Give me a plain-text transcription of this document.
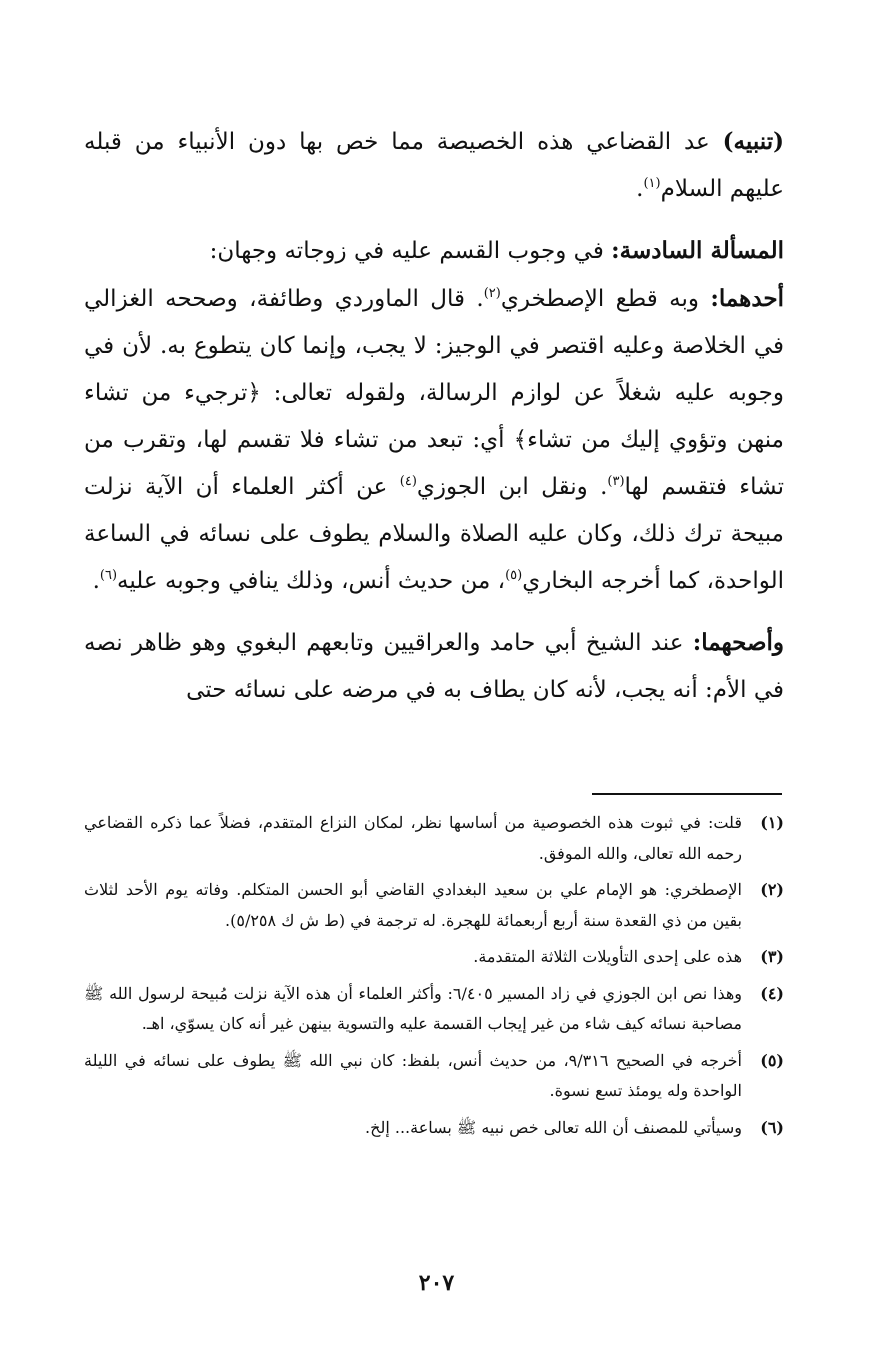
(تنبيه) عد القضاعي هذه الخصيصة مما خص بها دون الأنبياء من قبله عليهم السلام$^{(١)}$.

المسألة السادسة: في وجوب القسم عليه في زوجاته وجهان:

أحدهما: وبه قطع الإصطخري$^{(٢)}$. قال الماوردي وطائفة، وصححه الغزالي في الخلاصة وعليه اقتصر في الوجيز: لا يجب، وإنما كان يتطوع به. لأن في وجوبه عليه شغلاً عن لوازم الرسالة، ولقوله تعالى: ﴿ترجيء من تشاء منهن وتؤوي إليك من تشاء﴾ أي: تبعد من تشاء فلا تقسم لها، وتقرب من تشاء فتقسم لها$^{(٣)}$. ونقل ابن الجوزي$^{(٤)}$ عن أكثر العلماء أن الآية نزلت مبيحة ترك ذلك، وكان عليه الصلاة والسلام يطوف على نسائه في الساعة الواحدة، كما أخرجه البخاري$^{(٥)}$، من حديث أنس، وذلك ينافي وجوبه عليه$^{(٦)}$.

وأصحهما: عند الشيخ أبي حامد والعراقيين وتابعهم البغوي وهو ظاهر نصه في الأم: أنه يجب، لأنه كان يطاف به في مرضه على نسائه حتى

(١)
قلت: في ثبوت هذه الخصوصية من أساسها نظر، لمكان النزاع المتقدم، فضلاً عما ذكره القضاعي رحمه الله تعالى، والله الموفق.
(٢)
الإصطخري: هو الإمام علي بن سعيد البغدادي القاضي أبو الحسن المتكلم. وفاته يوم الأحد لثلاث بقين من ذي القعدة سنة أربع أربعمائة للهجرة. له ترجمة في (ط ش ك ٥/٢٥٨).
(٣)
هذه على إحدى التأويلات الثلاثة المتقدمة.
(٤)
وهذا نص ابن الجوزي في زاد المسير ٦/٤٠٥: وأكثر العلماء أن هذه الآية نزلت مُبيحة لرسول الله ﷺ مصاحبة نسائه كيف شاء من غير إيجاب القسمة عليه والتسوية بينهن غير أنه كان يسوّي، اهـ.
(٥)
أخرجه في الصحيح ٩/٣١٦، من حديث أنس، بلفظ: كان نبي الله ﷺ يطوف على نسائه في الليلة الواحدة وله يومئذ تسع نسوة.
(٦)
وسيأتي للمصنف أن الله تعالى خص نبيه ﷺ بساعة... إلخ.
٢٠٧
